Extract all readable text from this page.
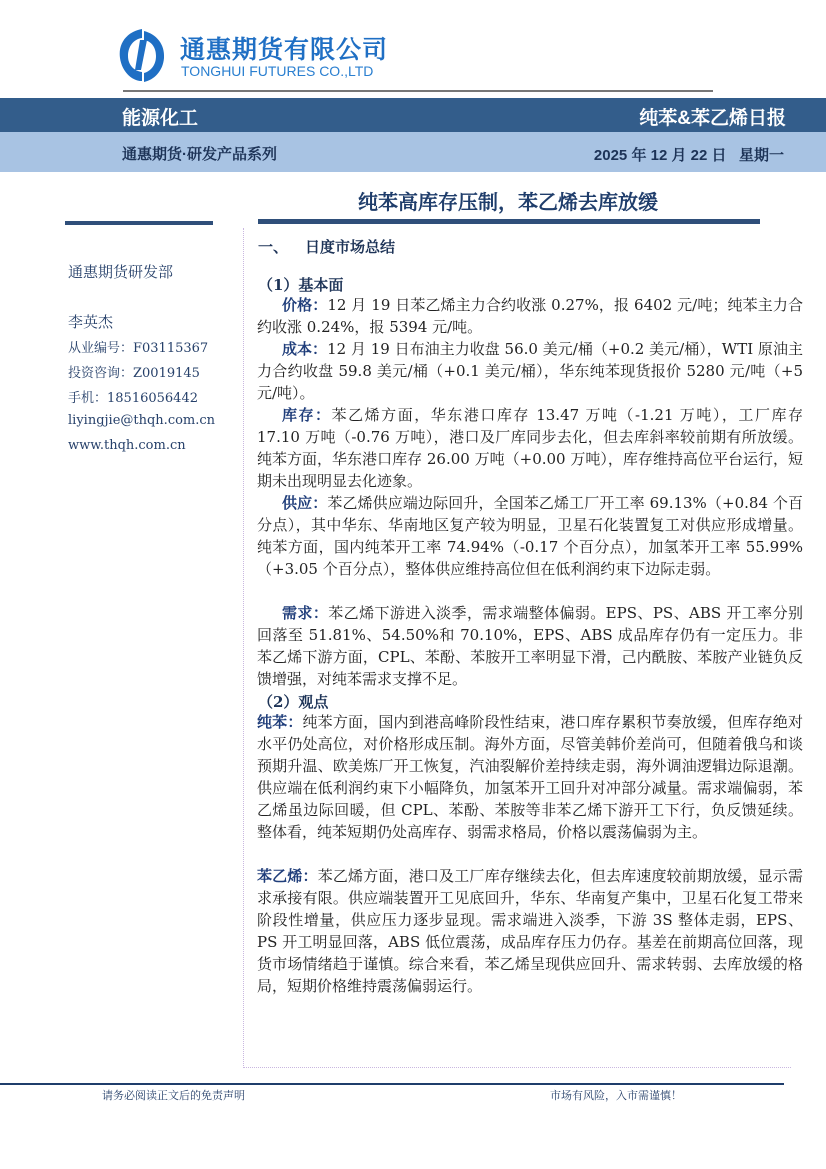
通惠期货有限公司
TONGHUI FUTURES CO.,LTD
能源化工	纯苯&苯乙烯日报
通惠期货·研发产品系列	2025 年 12 月 22 日   星期一
纯苯高库存压制，苯乙烯去库放缓
通惠期货研发部
李英杰
从业编号：F03115367
投资咨询：Z0019145
手机：18516056442
liyingjie@thqh.com.cn
www.thqh.com.cn
一、 日度市场总结
（1）基本面
价格：12 月 19 日苯乙烯主力合约收涨 0.27%，报 6402 元/吨；纯苯主力合约收涨 0.24%，报 5394 元/吨。
成本：12 月 19 日布油主力收盘 56.0 美元/桶（+0.2 美元/桶），WTI 原油主力合约收盘 59.8 美元/桶（+0.1 美元/桶），华东纯苯现货报价 5280 元/吨（+5 元/吨）。
库存：苯乙烯方面，华东港口库存 13.47 万吨（-1.21 万吨），工厂库存 17.10 万吨（-0.76 万吨），港口及厂库同步去化，但去库斜率较前期有所放缓。纯苯方面，华东港口库存 26.00 万吨（+0.00 万吨），库存维持高位平台运行，短期未出现明显去化迹象。
供应：苯乙烯供应端边际回升，全国苯乙烯工厂开工率 69.13%（+0.84 个百分点），其中华东、华南地区复产较为明显，卫星石化装置复工对供应形成增量。纯苯方面，国内纯苯开工率 74.94%（-0.17 个百分点），加氢苯开工率 55.99%（+3.05 个百分点），整体供应维持高位但在低利润约束下边际走弱。
需求：苯乙烯下游进入淡季，需求端整体偏弱。EPS、PS、ABS 开工率分别回落至 51.81%、54.50%和 70.10%，EPS、ABS 成品库存仍有一定压力。非苯乙烯下游方面，CPL、苯酚、苯胺开工率明显下滑，己内酰胺、苯胺产业链负反馈增强，对纯苯需求支撑不足。
（2）观点
纯苯：纯苯方面，国内到港高峰阶段性结束，港口库存累积节奏放缓，但库存绝对水平仍处高位，对价格形成压制。海外方面，尽管美韩价差尚可，但随着俄乌和谈预期升温、欧美炼厂开工恢复，汽油裂解价差持续走弱，海外调油逻辑边际退潮。供应端在低利润约束下小幅降负，加氢苯开工回升对冲部分减量。需求端偏弱，苯乙烯虽边际回暖，但 CPL、苯酚、苯胺等非苯乙烯下游开工下行，负反馈延续。整体看，纯苯短期仍处高库存、弱需求格局，价格以震荡偏弱为主。
苯乙烯：苯乙烯方面，港口及工厂库存继续去化，但去库速度较前期放缓，显示需求承接有限。供应端装置开工见底回升，华东、华南复产集中，卫星石化复工带来阶段性增量，供应压力逐步显现。需求端进入淡季，下游 3S 整体走弱，EPS、PS 开工明显回落，ABS 低位震荡，成品库存压力仍存。基差在前期高位回落，现货市场情绪趋于谨慎。综合来看，苯乙烯呈现供应回升、需求转弱、去库放缓的格局，短期价格维持震荡偏弱运行。
请务必阅读正文后的免责声明	市场有风险，入市需谨慎！
